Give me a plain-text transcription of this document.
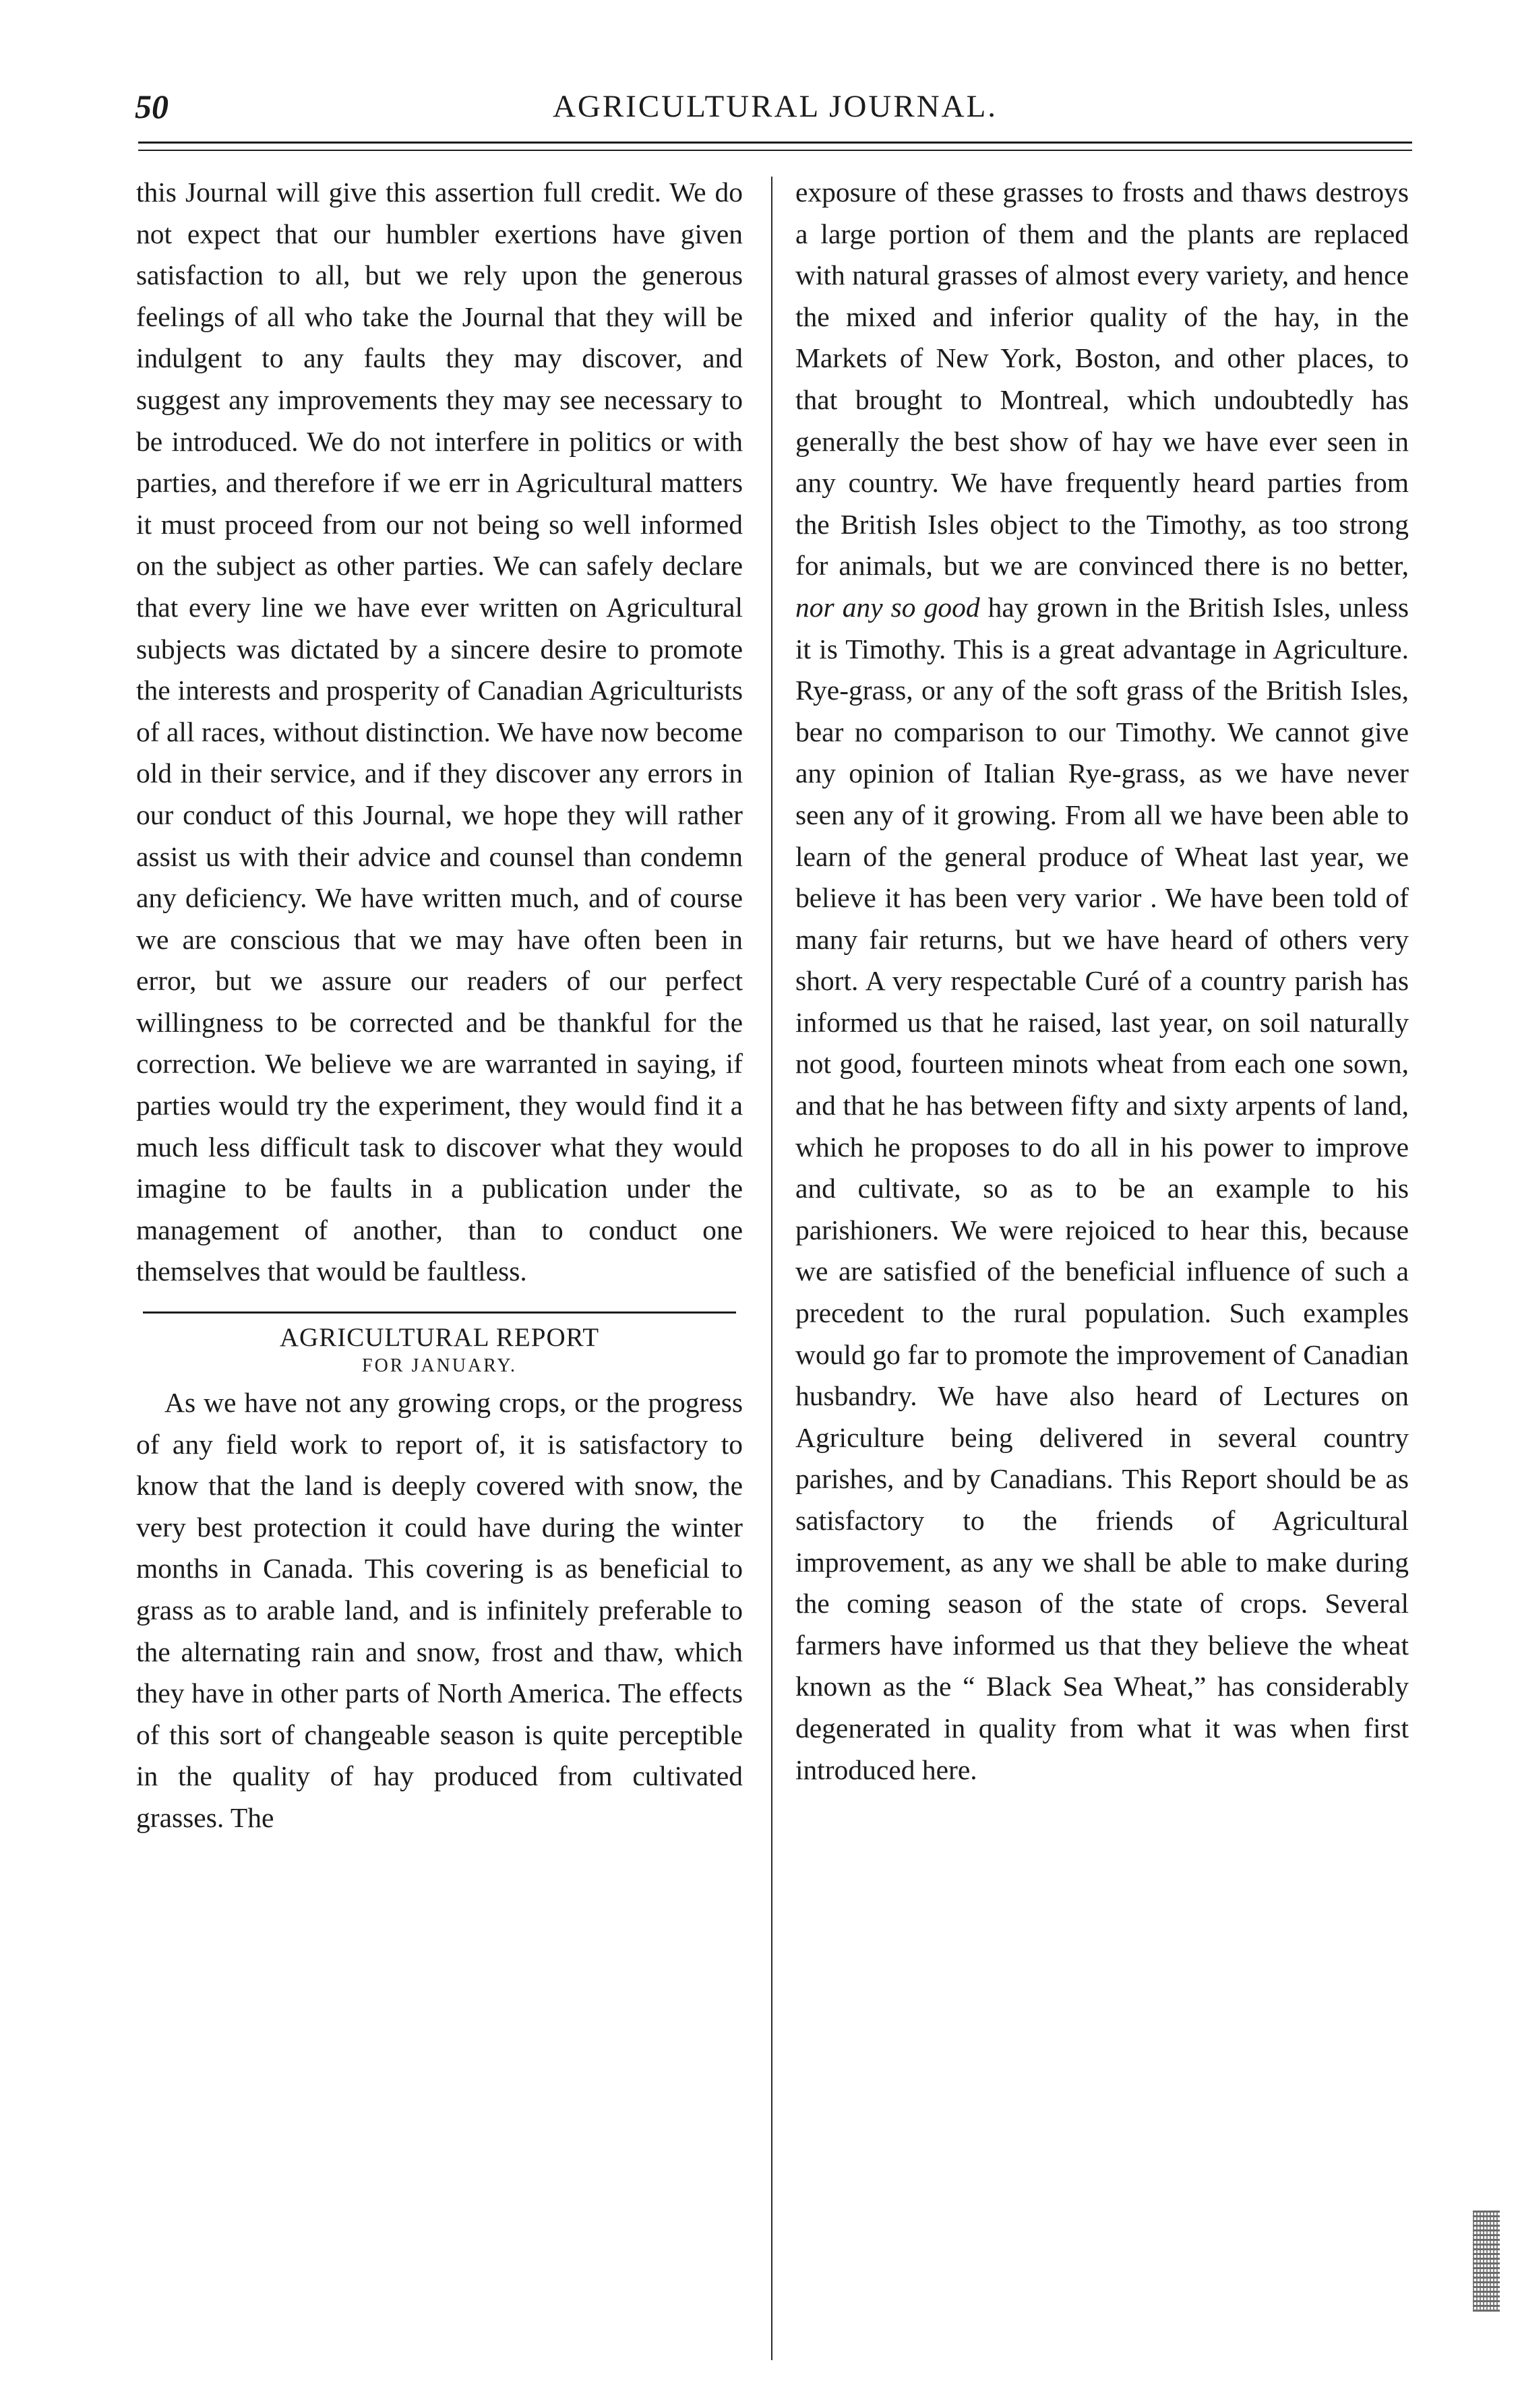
50	AGRICULTURAL JOURNAL.

this Journal will give this assertion full credit. We do not expect that our humbler exertions have given satisfaction to all, but we rely upon the generous feelings of all who take the Journal that they will be indulgent to any faults they may discover, and suggest any improvements they may see necessary to be introduced. We do not interfere in politics or with parties, and therefore if we err in Agricultural matters it must proceed from our not being so well informed on the subject as other parties. We can safely declare that every line we have ever written on Agricultural subjects was dictated by a sincere desire to promote the interests and prosperity of Canadian Agriculturists of all races, without distinction. We have now become old in their service, and if they discover any errors in our conduct of this Journal, we hope they will rather assist us with their advice and counsel than condemn any deficiency. We have written much, and of course we are conscious that we may have often been in error, but we assure our readers of our perfect willingness to be corrected and be thankful for the correction. We believe we are warranted in saying, if parties would try the experiment, they would find it a much less difficult task to discover what they would imagine to be faults in a publication under the management of another, than to conduct one themselves that would be faultless.

AGRICULTURAL REPORT
FOR JANUARY.

As we have not any growing crops, or the progress of any field work to report of, it is satisfactory to know that the land is deeply covered with snow, the very best protection it could have during the winter months in Canada. This covering is as beneficial to grass as to arable land, and is infinitely preferable to the alternating rain and snow, frost and thaw, which they have in other parts of North America. The effects of this sort of changeable season is quite perceptible in the quality of hay produced from cultivated grasses. The

exposure of these grasses to frosts and thaws destroys a large portion of them and the plants are replaced with natural grasses of almost every variety, and hence the mixed and inferior quality of the hay, in the Markets of New York, Boston, and other places, to that brought to Montreal, which undoubtedly has generally the best show of hay we have ever seen in any country. We have frequently heard parties from the British Isles object to the Timothy, as too strong for animals, but we are convinced there is no better, nor any so good hay grown in the British Isles, unless it is Timothy. This is a great advantage in Agriculture. Rye-grass, or any of the soft grass of the British Isles, bear no comparison to our Timothy. We cannot give any opinion of Italian Rye-grass, as we have never seen any of it growing. From all we have been able to learn of the general produce of Wheat last year, we believe it has been very varior . We have been told of many fair returns, but we have heard of others very short. A very respectable Curé of a country parish has informed us that he raised, last year, on soil naturally not good, fourteen minots wheat from each one sown, and that he has between fifty and sixty arpents of land, which he proposes to do all in his power to improve and cultivate, so as to be an example to his parishioners. We were rejoiced to hear this, because we are satisfied of the beneficial influence of such a precedent to the rural population. Such examples would go far to promote the improvement of Canadian husbandry. We have also heard of Lectures on Agriculture being delivered in several country parishes, and by Canadians. This Report should be as satisfactory to the friends of Agricultural improvement, as any we shall be able to make during the coming season of the state of crops. Several farmers have informed us that they believe the wheat known as the “ Black Sea Wheat,” has considerably degenerated in quality from what it was when first introduced here.
